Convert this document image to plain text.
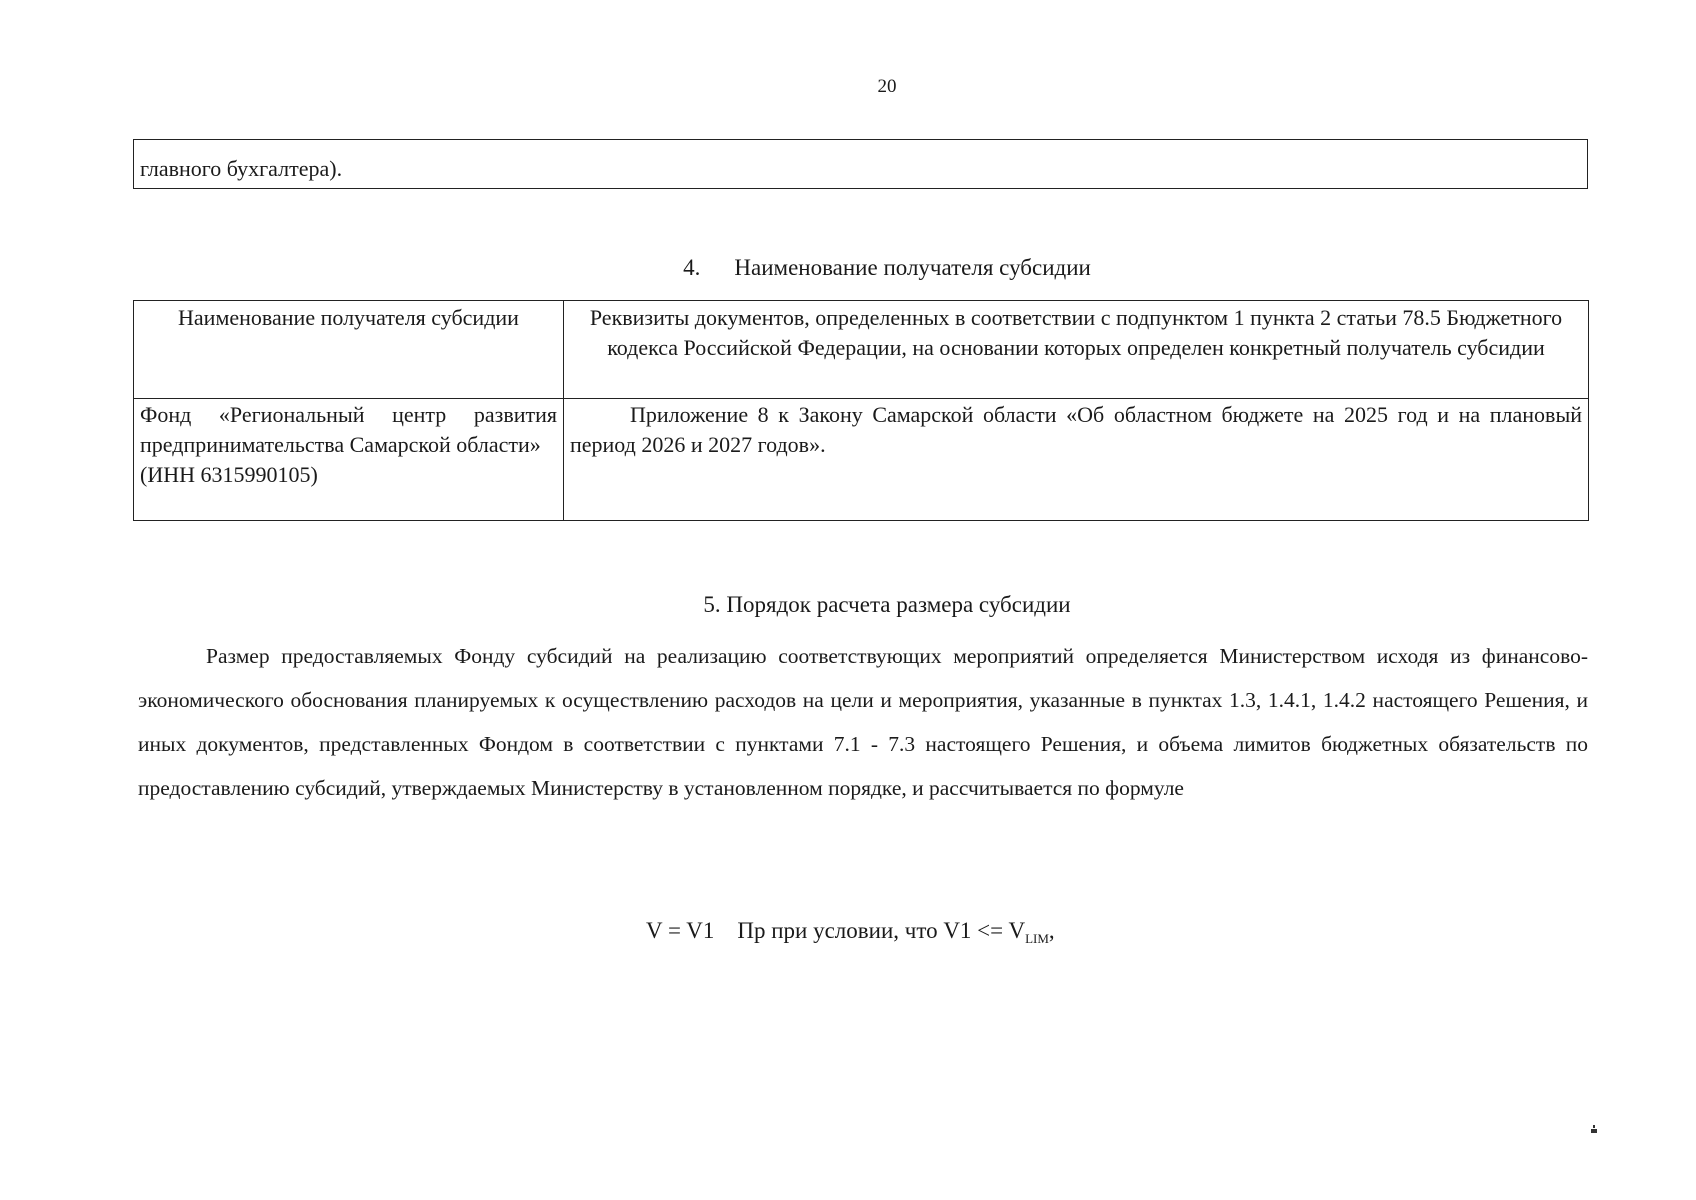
20
главного бухгалтера).
4. Наименование получателя субсидии
Наименование получателя субсидии	Реквизиты документов, определенных в соответствии с подпунктом 1 пункта 2 статьи 78.5 Бюджетного кодекса Российской Федерации, на основании которых определен конкретный получатель субсидии

Фонд «Региональный центр развития предпринимательства Самарской области»
(ИНН 6315990105)	Приложение 8 к Закону Самарской области «Об областном бюджете на 2025 год и на плановый период 2026 и 2027 годов».
5. Порядок расчета размера субсидии

Размер предоставляемых Фонду субсидий на реализацию соответствующих мероприятий определяется Министерством исходя из финансово-экономического обоснования планируемых к осуществлению расходов на цели и мероприятия, указанные в пунктах 1.3, 1.4.1, 1.4.2 настоящего Решения, и иных документов, представленных Фондом в соответствии с пунктами 7.1 - 7.3 настоящего Решения, и объема лимитов бюджетных обязательств по предоставлению субсидий, утверждаемых Министерству в установленном порядке, и рассчитывается по формуле

V = V1    Пр при условии, что $V1 <= V_{LIM}$,
